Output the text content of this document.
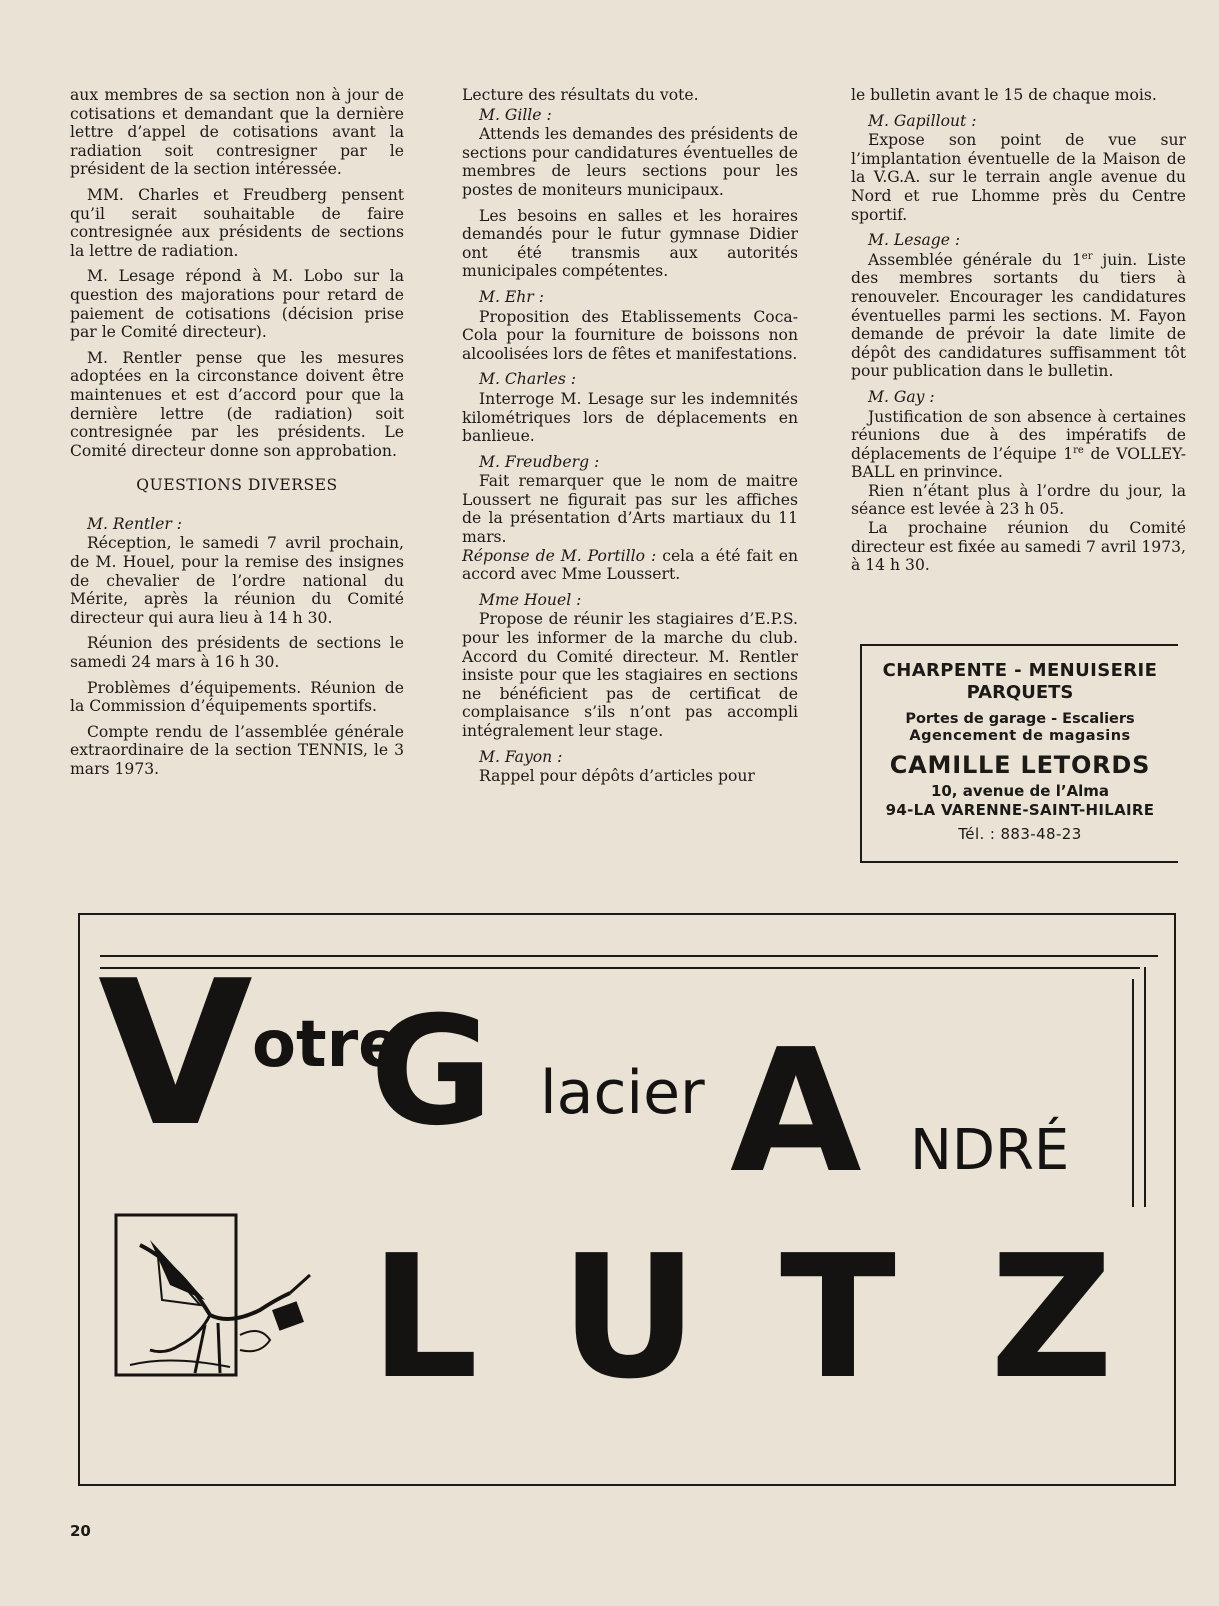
aux membres de sa section non à jour de cotisations et demandant que la dernière lettre d’appel de cotisations avant la radiation soit contresigner par le président de la section intéressée.

MM. Charles et Freudberg pensent qu’il serait souhaitable de faire contresignée aux présidents de sections la lettre de radiation.

M. Lesage répond à M. Lobo sur la question des majorations pour retard de paiement de cotisations (décision prise par le Comité directeur).

M. Rentler pense que les mesures adoptées en la circonstance doivent être maintenues et est d’accord pour que la dernière lettre (de radiation) soit contresignée par les présidents. Le Comité directeur donne son approbation.

QUESTIONS DIVERSES

M. Rentler :

Réception, le samedi 7 avril prochain, de M. Houel, pour la remise des insignes de chevalier de l’ordre national du Mérite, après la réunion du Comité directeur qui aura lieu à 14 h 30.

Réunion des présidents de sections le samedi 24 mars à 16 h 30.

Problèmes d’équipements. Réunion de la Commission d’équipements sportifs.

Compte rendu de l’assemblée générale extraordinaire de la section TENNIS, le 3 mars 1973.

Lecture des résultats du vote.

M. Gille :

Attends les demandes des présidents de sections pour candidatures éventuelles de membres de leurs sections pour les postes de moniteurs municipaux.

Les besoins en salles et les horaires demandés pour le futur gymnase Didier ont été transmis aux autorités municipales compétentes.

M. Ehr :

Proposition des Etablissements Coca-Cola pour la fourniture de boissons non alcoolisées lors de fêtes et manifestations.

M. Charles :

Interroge M. Lesage sur les indemnités kilométriques lors de déplacements en banlieue.

M. Freudberg :

Fait remarquer que le nom de maitre Loussert ne figurait pas sur les affiches de la présentation d’Arts martiaux du 11 mars.

Réponse de M. Portillo : cela a été fait en accord avec Mme Loussert.

Mme Houel :

Propose de réunir les stagiaires d’E.P.S. pour les informer de la marche du club. Accord du Comité directeur. M. Rentler insiste pour que les stagiaires en sections ne bénéficient pas de certificat de complaisance s’ils n’ont pas accompli intégralement leur stage.

M. Fayon :

Rappel pour dépôts d’articles pour

le bulletin avant le 15 de chaque mois.

M. Gapillout :

Expose son point de vue sur l’implantation éventuelle de la Maison de la V.G.A. sur le terrain angle avenue du Nord et rue Lhomme près du Centre sportif.

M. Lesage :

Assemblée générale du 1er juin. Liste des membres sortants du tiers à renouveler. Encourager les candidatures éventuelles parmi les sections. M. Fayon demande de prévoir la date limite de dépôt des candidatures suffisamment tôt pour publication dans le bulletin.

M. Gay :

Justification de son absence à certaines réunions due à des impératifs de déplacements de l’équipe 1re de VOLLEY-BALL en prinvince.

Rien n’étant plus à l’ordre du jour, la séance est levée à 23 h 05.

La prochaine réunion du Comité directeur est fixée au samedi 7 avril 1973, à 14 h 30.

CHARPENTE - MENUISERIE
PARQUETS
Portes de garage - Escaliers
Agencement de magasins
CAMILLE LETORDS
10, avenue de l’Alma
94-LA VARENNE-SAINT-HILAIRE
Tél. : 883-48-23
V otre
G lacier A NDRÉ
L U T Z
20
